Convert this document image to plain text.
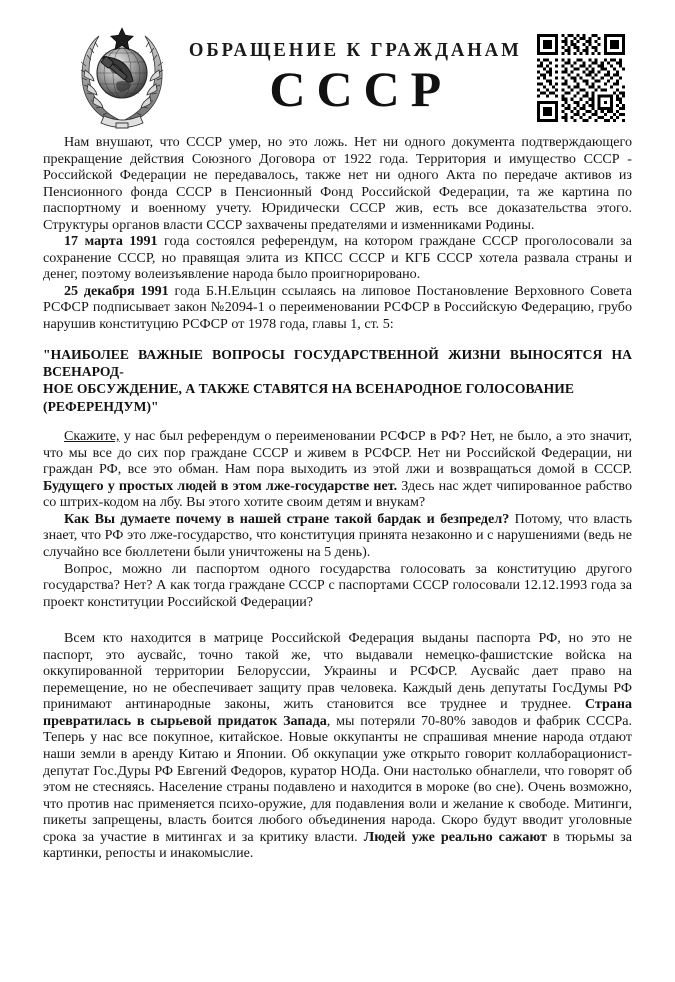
ОБРАЩЕНИЕ К ГРАЖДАНАМ
СССР

Нам внушают, что СССР умер, но это ложь. Нет ни одного документа подтверждающего прекращение действия Союзного Договора от 1922 года. Территория и имущество СССР - Российской Федерации не передавалось, также нет ни одного Акта по передаче активов из Пенсионного фонда СССР в Пенсионный Фонд Российской Федерации, та же картина по паспортному и военному учету. Юридически СССР жив, есть все доказательства этого. Структуры органов власти СССР захвачены предателями и изменниками Родины.

17 марта 1991 года состоялся референдум, на котором граждане СССР проголосовали за сохранение СССР, но правящая элита из КПСС СССР и КГБ СССР хотела развала страны и денег, поэтому волеизъявление народа было проигнорировано.

25 декабря 1991 года Б.Н.Ельцин ссылаясь на липовое Постановление Верховного Совета РСФСР подписывает закон №2094-1 о переименовании РСФСР в Российскую Федерацию, грубо нарушив конституцию РСФСР от 1978 года, главы 1, ст. 5:

"НАИБОЛЕЕ ВАЖНЫЕ ВОПРОСЫ ГОСУДАРСТВЕННОЙ ЖИЗНИ ВЫНОСЯТСЯ НА ВСЕНАРОД-
НОЕ ОБСУЖДЕНИЕ, А ТАКЖЕ СТАВЯТСЯ НА ВСЕНАРОДНОЕ ГОЛОСОВАНИЕ (РЕФЕРЕНДУМ)"

Скажите, у нас был референдум о переименовании РСФСР в РФ? Нет, не было, а это значит, что мы все до сих пор граждане СССР и живем в РСФСР. Нет ни Российской Федерации, ни граждан РФ, все это обман. Нам пора выходить из этой лжи и возвращаться домой в СССР. Будущего у простых людей в этом лже-государстве нет. Здесь нас ждет чипированное рабство со штрих-кодом на лбу. Вы этого хотите своим детям и внукам?

Как Вы думаете почему в нашей стране такой бардак и безпредел? Потому, что власть знает, что РФ это лже-государство, что конституция принята незаконно и с нарушениями (ведь не случайно все бюллетени были уничтожены на 5 день).

Вопрос, можно ли паспортом одного государства голосовать за конституцию другого государства? Нет? А как тогда граждане СССР с паспортами СССР голосовали 12.12.1993 года за проект конституции Российской Федерации?

Всем кто находится в матрице Российской Федерация выданы паспорта РФ, но это не паспорт, это аусвайс, точно такой же, что выдавали немецко-фашистские войска на оккупированной территории Белоруссии, Украины и РСФСР. Аусвайс дает право на перемещение, но не обеспечивает защиту прав человека. Каждый день депутаты ГосДумы РФ принимают антинародные законы, жить становится все труднее и труднее. Страна превратилась в сырьевой придаток Запада, мы потеряли 70-80% заводов и фабрик СССРа. Теперь у нас все покупное, китайское. Новые оккупанты не спрашивая мнение народа отдают наши земли в аренду Китаю и Японии. Об оккупации уже открыто говорит коллаборационист-депутат Гос.Дуры РФ Евгений Федоров, куратор НОДа. Они настолько обнаглели, что говорят об этом не стесняясь. Население страны подавлено и находится в мороке (во сне). Очень возможно, что против нас применяется психо-оружие, для подавления воли и желание к свободе. Митинги, пикеты запрещены, власть боится любого объединения народа. Скоро будут вводит уголовные срока за участие в митингах и за критику власти. Людей уже реально сажают в тюрьмы за картинки, репосты и инакомыслие.
